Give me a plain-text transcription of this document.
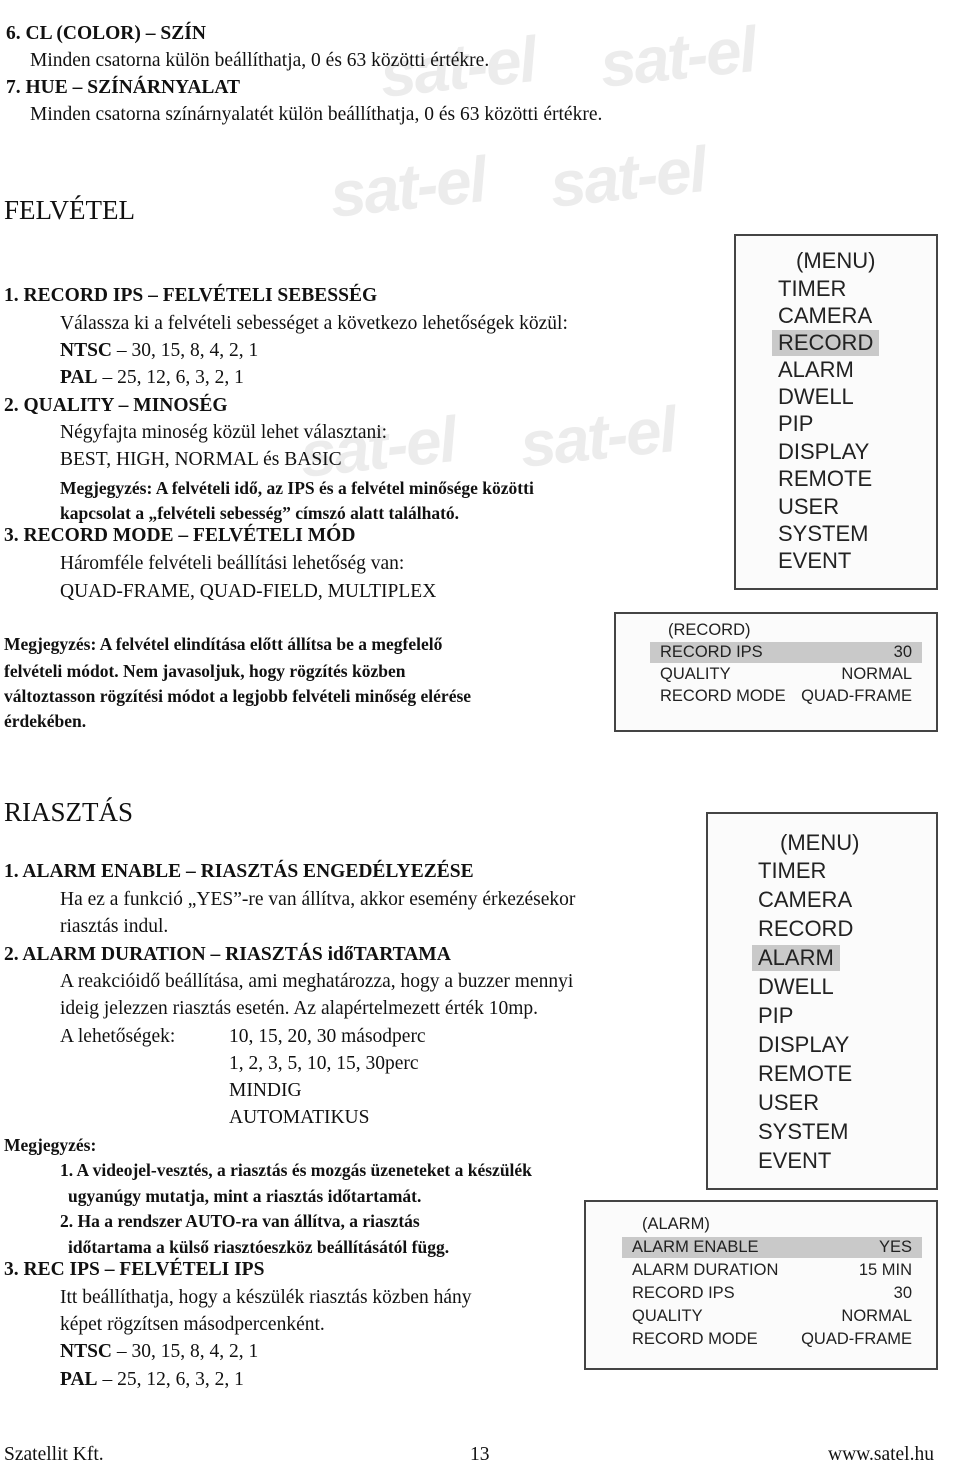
sat-el sat-el
sat-el sat-el
sat-el sat-el
6. CL (COLOR) – SZÍN
Minden csatorna külön beállíthatja, 0 és 63 közötti értékre.
7. HUE – SZÍNÁRNYALAT
Minden csatorna színárnyalatét külön beállíthatja, 0 és 63 közötti értékre.
FELVÉTEL
1. RECORD IPS – FELVÉTELI SEBESSÉG
Válassza ki a felvételi sebességet a következo lehetőségek közül:
NTSC – 30, 15, 8, 4, 2, 1
PAL – 25, 12, 6, 3, 2, 1
2. QUALITY – MINOSÉG
Négyfajta minoség közül lehet választani:
BEST, HIGH, NORMAL és BASIC
Megjegyzés: A felvételi idő, az IPS és a felvétel minősége közötti
kapcsolat a „felvételi sebesség” címszó alatt található.
3. RECORD MODE – FELVÉTELI MÓD
Háromféle felvételi beállítási lehetőség van:
QUAD-FRAME, QUAD-FIELD, MULTIPLEX
Megjegyzés: A felvétel elindítása előtt állítsa be a megfelelő
felvételi módot. Nem javasoljuk, hogy rögzítés közben
változtasson rögzítési módot a legjobb felvételi minőség elérése
érdekében.
(MENU)
TIMER
CAMERA
RECORD
ALARM
DWELL
PIP
DISPLAY
REMOTE
USER
SYSTEM
EVENT
(RECORD)
RECORD IPS	30
QUALITY	NORMAL
RECORD MODE QUAD-FRAME
RIASZTÁS
1. ALARM ENABLE – RIASZTÁS ENGEDÉLYEZÉSE
Ha ez a funkció „YES”-re van állítva, akkor esemény érkezésekor
riasztás indul.
2. ALARM DURATION – RIASZTÁS időTARTAMA
A reakcióidő beállítása, ami meghatározza, hogy a buzzer mennyi
ideig jelezzen riasztás esetén. Az alapértelmezett érték 10mp.
A lehetőségek:	10, 15, 20, 30 másodperc
1, 2, 3, 5, 10, 15, 30perc
MINDIG
AUTOMATIKUS
Megjegyzés:
1. A videojel-vesztés, a riasztás és mozgás üzeneteket a készülék
ugyanúgy mutatja, mint a riasztás időtartamát.
2. Ha a rendszer AUTO-ra van állítva, a riasztás
időtartama a külső riasztóeszköz beállításától függ.
3. REC IPS – FELVÉTELI IPS
Itt beállíthatja, hogy a készülék riasztás közben hány
képet rögzítsen másodpercenként.
NTSC – 30, 15, 8, 4, 2, 1
PAL – 25, 12, 6, 3, 2, 1
(MENU)
TIMER
CAMERA
RECORD
ALARM
DWELL
PIP
DISPLAY
REMOTE
USER
SYSTEM
EVENT
(ALARM)
ALARM ENABLE	YES
ALARM DURATION	15 MIN
RECORD IPS	30
QUALITY	NORMAL
RECORD MODE	QUAD-FRAME
Szatellit Kft.	13	www.satel.hu
